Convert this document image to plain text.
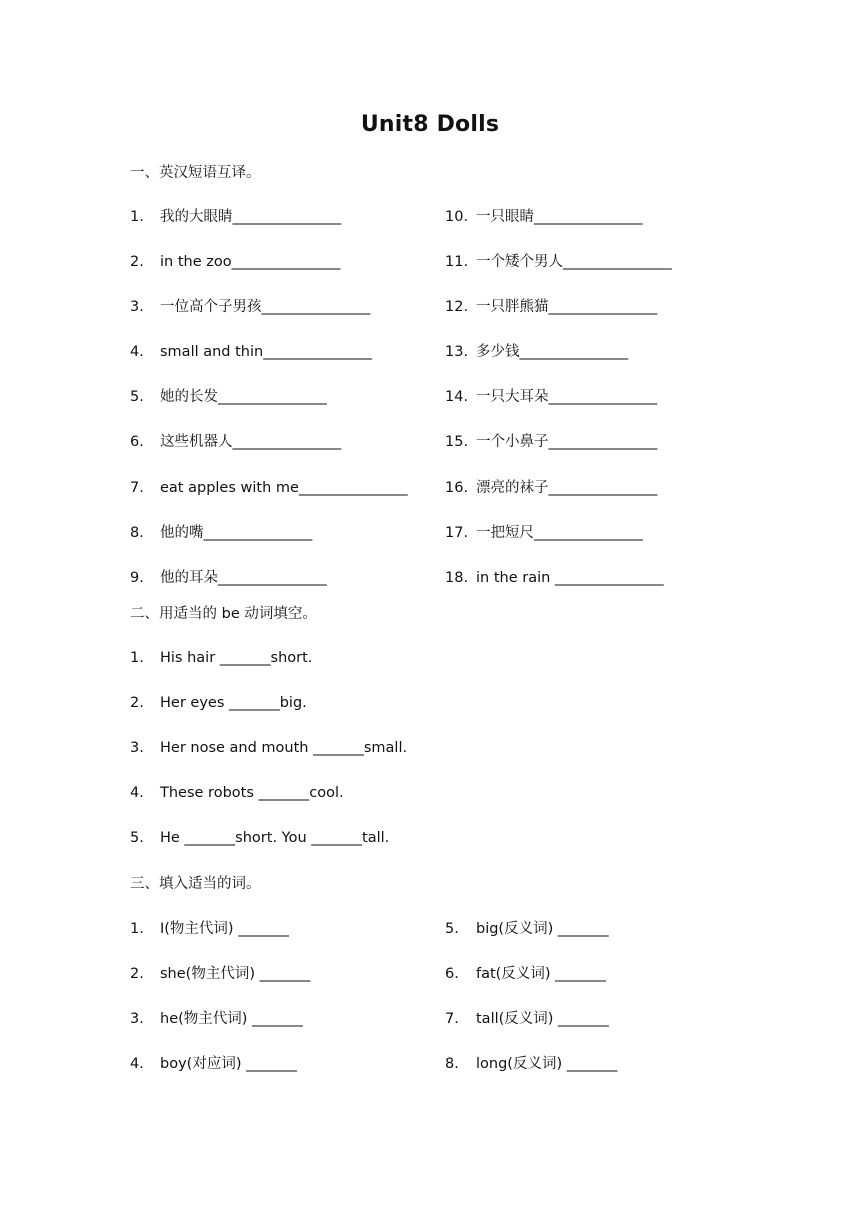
Unit8 Dolls
一、英汉短语互译。
1. 我的大眼睛_______________
2. in the zoo_______________
3. 一位高个子男孩_______________
4. small and thin_______________
5. 她的长发_______________
6. 这些机器人_______________
7. eat apples with me_______________
8. 他的嘴_______________
9. 他的耳朵_______________
10. 一只眼睛_______________
11. 一个矮个男人_______________
12. 一只胖熊猫_______________
13. 多少钱_______________
14. 一只大耳朵_______________
15. 一个小鼻子_______________
16. 漂亮的袜子_______________
17. 一把短尺_______________
18. in the rain _______________
二、用适当的 be 动词填空。
1. His hair _______short.
2. Her eyes _______big.
3. Her nose and mouth _______small.
4. These robots _______cool.
5. He _______short. You _______tall.
三、填入适当的词。
1. I(物主代词) _______
2. she(物主代词) _______
3. he(物主代词) _______
4. boy(对应词) _______
5. big(反义词) _______
6. fat(反义词) _______
7. tall(反义词) _______
8. long(反义词) _______
